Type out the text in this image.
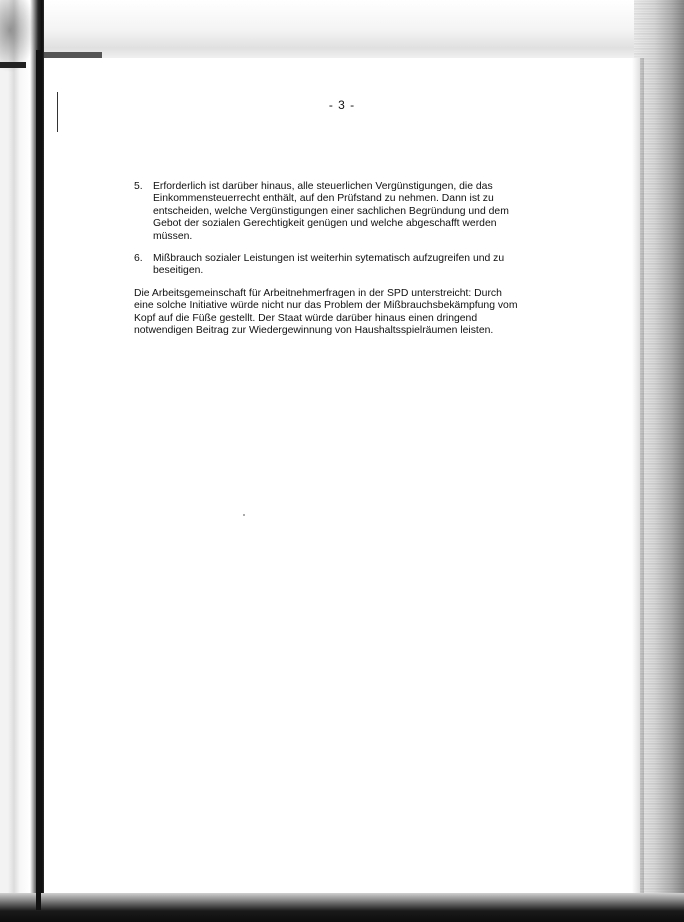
- 3 -
5. Erforderlich ist darüber hinaus, alle steuerlichen Vergünstigungen, die das
Einkommensteuerrecht enthält, auf den Prüfstand zu nehmen. Dann ist zu
entscheiden, welche Vergünstigungen einer sachlichen Begründung und dem
Gebot der sozialen Gerechtigkeit genügen und welche abgeschafft werden
müssen.
6. Mißbrauch sozialer Leistungen ist weiterhin sytematisch aufzugreifen und zu
beseitigen.
Die Arbeitsgemeinschaft für Arbeitnehmerfragen in der SPD unterstreicht: Durch
eine solche Initiative würde nicht nur das Problem der Mißbrauchsbekämpfung vom
Kopf auf die Füße gestellt. Der Staat würde darüber hinaus einen dringend
notwendigen Beitrag zur Wiedergewinnung von Haushaltsspielräumen leisten.
